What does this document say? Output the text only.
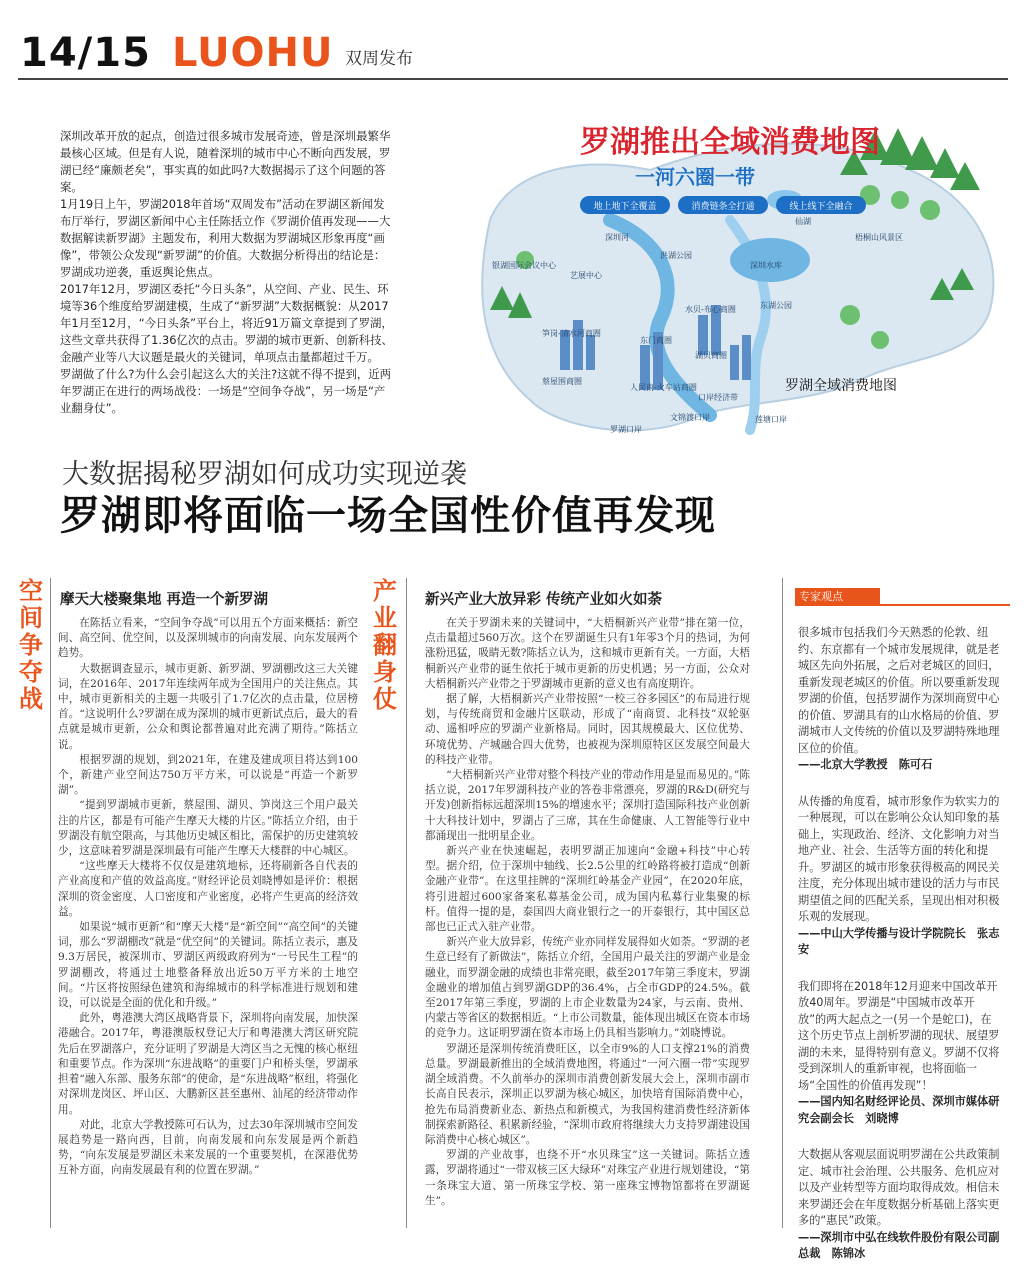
14/15 LUOHU 双周发布

深圳改革开放的起点，创造过很多城市发展奇迹，曾是深圳最繁华最核心区域。但是有人说，随着深圳的城市中心不断向西发展，罗湖已经“廉颇老矣”，事实真的如此吗?大数据揭示了这个问题的答案。

1月19日上午，罗湖2018年首场“双周发布”活动在罗湖区新闻发布厅举行，罗湖区新闻中心主任陈括立作《罗湖价值再发现——大数据解读新罗湖》主题发布，利用大数据为罗湖城区形象再度“画像”，带领公众发现“新罗湖”的价值。大数据分析得出的结论是：罗湖成功逆袭，重返舆论焦点。

2017年12月，罗湖区委托“今日头条”，从空间、产业、民生、环境等36个维度给罗湖建模，生成了“新罗湖”大数据概貌：从2017年1月至12月，“今日头条”平台上，将近91万篇文章提到了罗湖，这些文章共获得了1.36亿次的点击。罗湖的城市更新、创新科技、金融产业等八大议题是最火的关键词，单项点击量都超过千万。

罗湖做了什么?为什么会引起这么大的关注?这就不得不提到，近两年罗湖正在进行的两场战役：一场是“空间争夺战”，另一场是“产业翻身仗”。

罗湖推出全域消费地图
一河六圈一带
地上地下全覆盖	消费链条全打通	线上线下全融合
梧桐山风景区
仙湖
银湖国际会议中心
洪湖公园
深圳水库
艺展中心
东湖公园
笋岗-清水河商圈
水贝-布心商圈
东门商圈
湖贝商圈
蔡屋围商圈
人民南-火车站商圈
口岸经济带
文锦渡口岸	莲塘口岸
罗湖口岸
深圳河
罗湖全域消费地图
大数据揭秘罗湖如何成功实现逆袭
罗湖即将面临一场全国性价值再发现
空间争夺战
摩天大楼聚集地 再造一个新罗湖

在陈括立看来，“空间争夺战”可以用五个方面来概括：新空间、高空间、优空间，以及深圳城市的向南发展、向东发展两个趋势。

大数据调查显示，城市更新、新罗湖、罗湖棚改这三大关键词，在2016年、2017年连续两年成为全国用户的关注焦点。其中，城市更新相关的主题一共吸引了1.7亿次的点击量，位居榜首。“这说明什么?罗湖在成为深圳的城市更新试点后，最大的看点就是城市更新，公众和舆论都普遍对此充满了期待。”陈括立说。

根据罗湖的规划，到2021年，在建及建成项目将达到100个，新建产业空间达750万平方米，可以说是“再造一个新罗湖”。

“提到罗湖城市更新，蔡屋围、湖贝、笋岗这三个用户最关注的片区，都是有可能产生摩天大楼的片区。”陈括立介绍，由于罗湖没有航空限高，与其他历史城区相比，需保护的历史建筑较少，这意味着罗湖是深圳最有可能产生摩天大楼群的中心城区。

“这些摩天大楼将不仅仅是建筑地标，还将刷新各自代表的产业高度和产值的效益高度。”财经评论员刘晓博如是评价：根据深圳的资金密度、人口密度和产业密度，必将产生更高的经济效益。

如果说“城市更新”和“摩天大楼”是“新空间”“高空间”的关键词，那么“罗湖棚改”就是“优空间”的关键词。陈括立表示，惠及9.3万居民，被深圳市、罗湖区两级政府列为“一号民生工程”的罗湖棚改，将通过土地整备释放出近50万平方米的土地空间。“片区将按照绿色建筑和海绵城市的科学标准进行规划和建设，可以说是全面的优化和升级。”

此外，粤港澳大湾区战略背景下，深圳将向南发展，加快深港融合。2017年，粤港澳版权登记大厅和粤港澳大湾区研究院先后在罗湖落户，充分证明了罗湖是大湾区当之无愧的核心枢纽和重要节点。作为深圳“东进战略”的重要门户和桥头堡，罗湖承担着“融入东部、服务东部”的使命，是“东进战略”枢纽，将强化对深圳龙岗区、坪山区、大鹏新区甚至惠州、汕尾的经济带动作用。

对此，北京大学教授陈可石认为，过去30年深圳城市空间发展趋势是一路向西，目前，向南发展和向东发展是两个新趋势，“向东发展是罗湖区未来发展的一个重要契机，在深港优势互补方面，向南发展最有利的位置在罗湖。”

产业翻身仗
新兴产业大放异彩 传统产业如火如荼

在关于罗湖未来的关键词中，“大梧桐新兴产业带”排在第一位，点击量超过560万次。这个在罗湖诞生只有1年零3个月的热词，为何涨粉迅猛，吸睛无数?陈括立认为，这和城市更新有关。一方面，大梧桐新兴产业带的诞生依托于城市更新的历史机遇；另一方面，公众对大梧桐新兴产业带之于罗湖城市更新的意义也有高度期许。

据了解，大梧桐新兴产业带按照“一校三谷多园区”的布局进行规划，与传统商贸和金融片区联动，形成了“南商贸、北科技”双轮驱动、遥相呼应的罗湖产业新格局。同时，因其规模最大、区位优势、环境优势、产城融合四大优势，也被视为深圳原特区区发展空间最大的科技产业带。

“大梧桐新兴产业带对整个科技产业的带动作用是显而易见的。”陈括立说，2017年罗湖科技产业的答卷非常漂亮，罗湖的R&D(研究与开发)创新指标远超深圳15%的增速水平；深圳打造国际科技产业创新十大科技计划中，罗湖占了三席，其在生命健康、人工智能等行业中都涌现出一批明星企业。

新兴产业在快速崛起，表明罗湖正加速向“金融+科技”中心转型。据介绍，位于深圳中轴线、长2.5公里的红岭路将被打造成“创新金融产业带”。在这里挂牌的“深圳红岭基金产业园”，在2020年底，将引进超过600家备案私募基金公司，成为国内私募行业集聚的标杆。值得一提的是，泰国四大商业银行之一的开泰银行，其中国区总部也已正式入驻产业带。

新兴产业大放异彩，传统产业亦同样发展得如火如荼。“罗湖的老生意已经有了新做法”，陈括立介绍，全国用户最关注的罗湖产业是金融业，而罗湖金融的成绩也非常亮眼，截至2017年第三季度末，罗湖金融业的增加值占到罗湖GDP的36.4%，占全市GDP的24.5%。截至2017年第三季度，罗湖的上市企业数量为24家，与云南、贵州、内蒙古等省区的数据相近。“上市公司数量，能体现出城区在资本市场的竞争力。这证明罗湖在资本市场上仍具相当影响力。”刘晓博说。

罗湖还是深圳传统消费旺区，以全市9%的人口支撑21%的消费总量。罗湖最新推出的全域消费地图，将通过“一河六圈一带”实现罗湖全域消费。不久前举办的深圳市消费创新发展大会上，深圳市副市长高自民表示，深圳正以罗湖为核心城区，加快培育国际消费中心，抢先布局消费新业态、新热点和新模式，为我国构建消费性经济新体制探索新路径、积累新经验，“深圳市政府将继续大力支持罗湖建设国际消费中心核心城区”。

罗湖的产业故事，也绕不开“水贝珠宝”这一关键词。陈括立透露，罗湖将通过“一带双核三区大绿环”对珠宝产业进行规划建设，“第一条珠宝大道、第一所珠宝学校、第一座珠宝博物馆都将在罗湖诞生”。

专家观点

很多城市包括我们今天熟悉的伦敦、纽约、东京都有一个城市发展规律，就是老城区先向外拓展，之后对老城区的回归，重新发现老城区的价值。所以要重新发现罗湖的价值，包括罗湖作为深圳商贸中心的价值、罗湖具有的山水格局的价值、罗湖城市人文传统的价值以及罗湖特殊地理区位的价值。

——北京大学教授　陈可石

从传播的角度看，城市形象作为软实力的一种展现，可以在影响公众认知印象的基础上，实现政治、经济、文化影响力对当地产业、社会、生活等方面的转化和提升。罗湖区的城市形象获得极高的网民关注度，充分体现出城市建设的活力与市民期望值之间的匹配关系，呈现出相对积极乐观的发展现。

——中山大学传播与设计学院院长　张志安

我们即将在2018年12月迎来中国改革开放40周年。罗湖是“中国城市改革开放”的两大起点之一(另一个是蛇口)，在这个历史节点上剖析罗湖的现状、展望罗湖的未来，显得特别有意义。罗湖不仅将受到深圳人的重新审视，也将面临一场“全国性的价值再发现”！

——国内知名财经评论员、深圳市媒体研究会副会长　刘晓博

大数据从客观层面说明罗湖在公共政策制定、城市社会治理、公共服务、危机应对以及产业转型等方面均取得成效。相信未来罗湖还会在年度数据分析基础上落实更多的“惠民”政策。

——深圳市中弘在线软件股份有限公司副总裁　陈锦冰
